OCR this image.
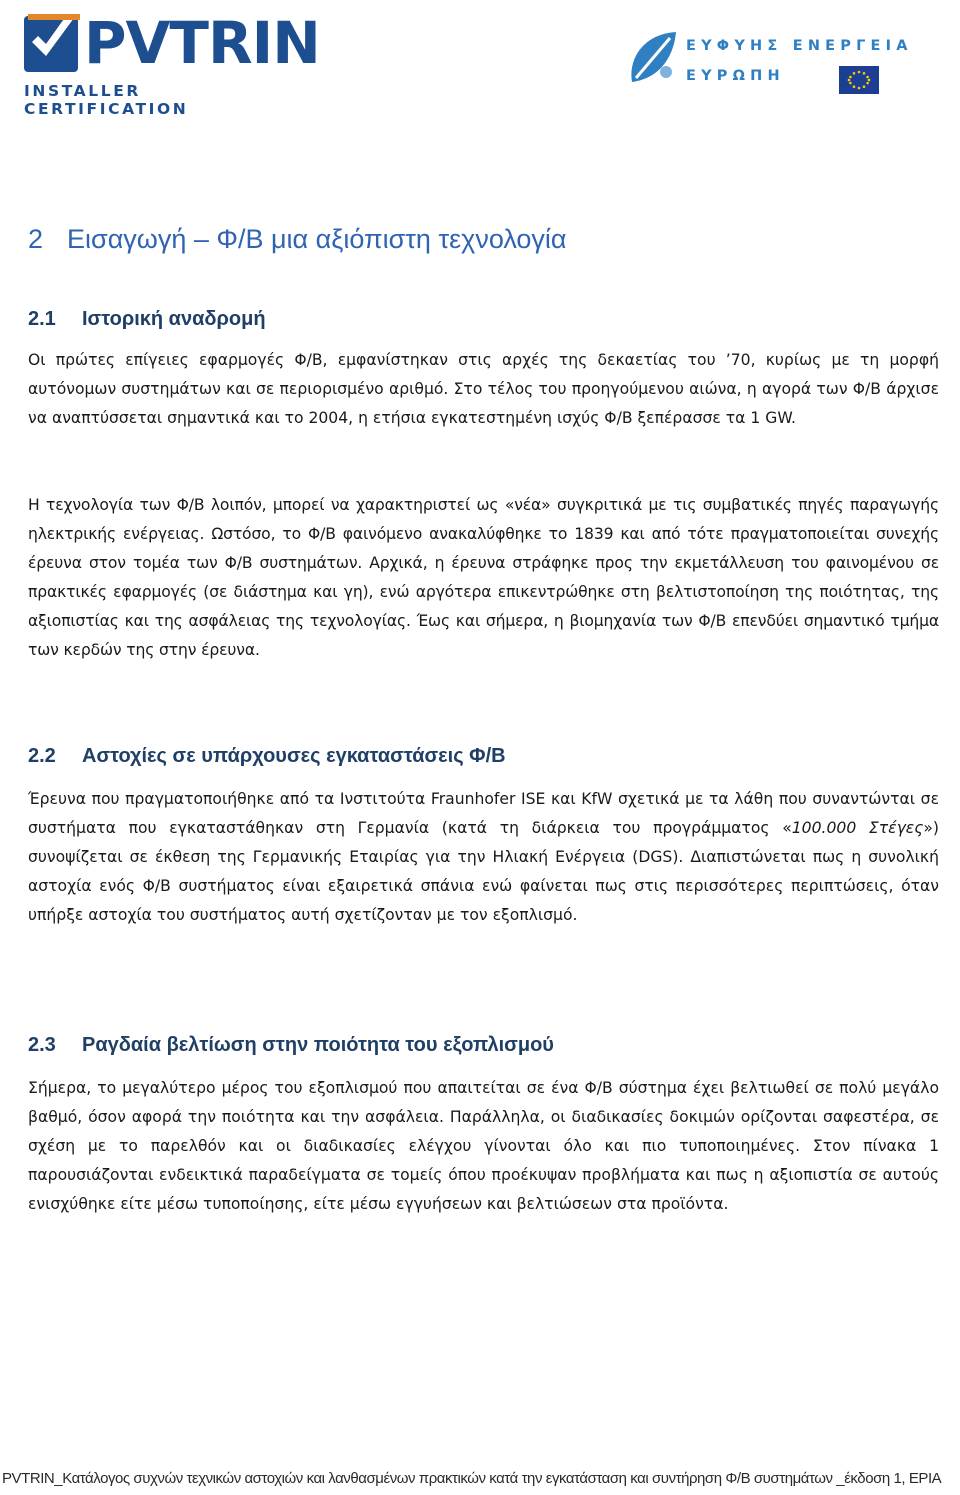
PVTRIN
INSTALLER CERTIFICATION
ΕΥΦΥΗΣ ΕΝΕΡΓΕΙΑ
ΕΥΡΩΠΗ
2 Εισαγωγή – Φ/Β μια αξιόπιστη τεχνολογία
2.1 Ιστορική αναδρομή

Οι πρώτες επίγειες εφαρμογές Φ/Β, εμφανίστηκαν στις αρχές της δεκαετίας του ’70, κυρίως με τη μορφή αυτόνομων συστημάτων και σε περιορισμένο αριθμό. Στο τέλος του προηγούμενου αιώνα, η αγορά των Φ/Β άρχισε να αναπτύσσεται σημαντικά και το 2004, η ετήσια εγκατεστημένη ισχύς Φ/Β ξεπέρασσε τα 1 GW.

Η τεχνολογία των Φ/Β λοιπόν, μπορεί να χαρακτηριστεί ως «νέα» συγκριτικά με τις συμβατικές πηγές παραγωγής ηλεκτρικής ενέργειας. Ωστόσο, το Φ/Β φαινόμενο ανακαλύφθηκε το 1839 και από τότε πραγματοποιείται συνεχής έρευνα στον τομέα των Φ/Β συστημάτων. Αρχικά, η έρευνα στράφηκε προς την εκμετάλλευση του φαινομένου σε πρακτικές εφαρμογές (σε διάστημα και γη), ενώ αργότερα επικεντρώθηκε στη βελτιστοποίηση της ποιότητας, της αξιοπιστίας και της ασφάλειας της τεχνολογίας. Έως και σήμερα, η βιομηχανία των Φ/Β επενδύει σημαντικό τμήμα των κερδών της στην έρευνα.

2.2 Αστοχίες σε υπάρχουσες εγκαταστάσεις Φ/Β

Έρευνα που πραγματοποιήθηκε από τα Ινστιτούτα Fraunhofer ISE και KfW σχετικά με τα λάθη που συναντώνται σε συστήματα που εγκαταστάθηκαν στη Γερμανία (κατά τη διάρκεια του προγράμματος «100.000 Στέγες») συνοψίζεται σε έκθεση της Γερμανικής Εταιρίας για την Ηλιακή Ενέργεια (DGS). Διαπιστώνεται πως η συνολική αστοχία ενός Φ/Β συστήματος είναι εξαιρετικά σπάνια ενώ φαίνεται πως στις περισσότερες περιπτώσεις, όταν υπήρξε αστοχία του συστήματος αυτή σχετίζονταν με τον εξοπλισμό.

2.3 Ραγδαία βελτίωση στην ποιότητα του εξοπλισμού

Σήμερα, το μεγαλύτερο μέρος του εξοπλισμού που απαιτείται σε ένα Φ/Β σύστημα έχει βελτιωθεί σε πολύ μεγάλο βαθμό, όσον αφορά την ποιότητα και την ασφάλεια. Παράλληλα, οι διαδικασίες δοκιμών ορίζονται σαφεστέρα, σε σχέση με το παρελθόν και οι διαδικασίες ελέγχου γίνονται όλο και πιο τυποποιημένες. Στον πίνακα 1 παρουσιάζονται ενδεικτικά παραδείγματα σε τομείς όπου προέκυψαν προβλήματα και πως η αξιοπιστία σε αυτούς ενισχύθηκε είτε μέσω τυποποίησης, είτε μέσω εγγυήσεων και βελτιώσεων στα προϊόντα.

PVTRIN_Κατάλογος συχνών τεχνικών αστοχιών και λανθασμένων πρακτικών κατά την εγκατάσταση και συντήρηση Φ/Β συστημάτων _έκδοση 1, EPIA
